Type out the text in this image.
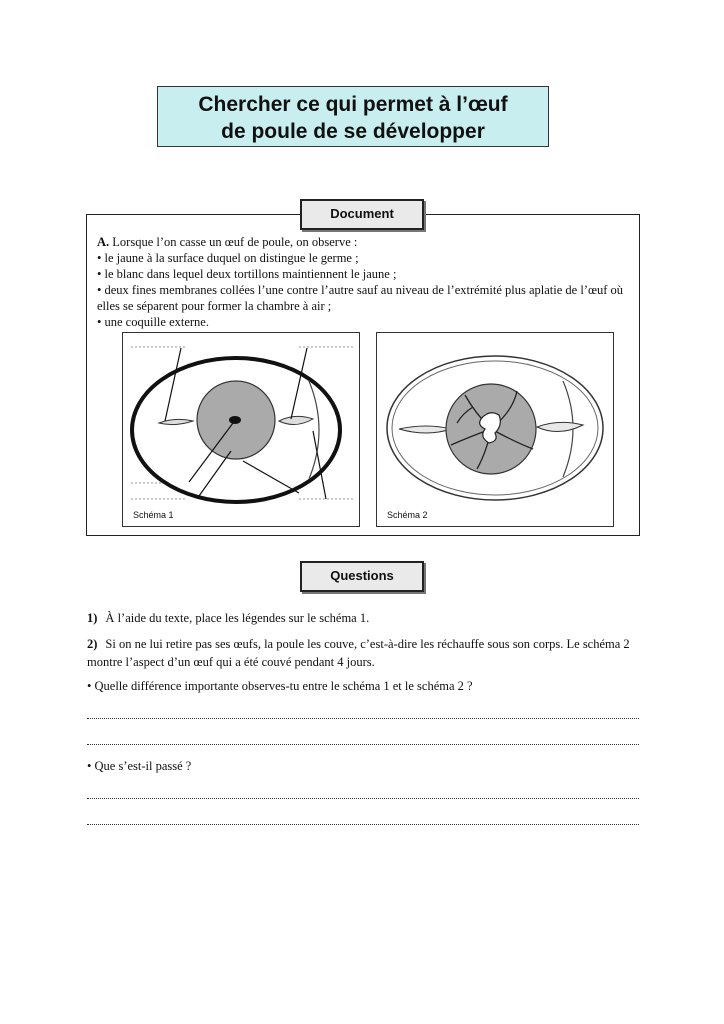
Chercher ce qui permet à l’œuf
de poule de se développer
Document

A. Lorsque l’on casse un œuf de poule, on observe :

• le jaune à la surface duquel on distingue le germe ;

• le blanc dans lequel deux tortillons maintiennent le jaune ;

• deux fines membranes collées l’une contre l’autre sauf au niveau de l’extrémité plus aplatie de l’œuf où elles se séparent pour former la chambre à air ;

• une coquille externe.

Schéma 1	Schéma 2
Questions

1) À l’aide du texte, place les légendes sur le schéma 1.

2) Si on ne lui retire pas ses œufs, la poule les couve, c’est-à-dire les réchauffe sous son corps. Le schéma 2 montre l’aspect d’un œuf qui a été couvé pendant 4 jours.

• Quelle différence importante observes-tu entre le schéma 1 et le schéma 2 ?

• Que s’est-il passé ?
